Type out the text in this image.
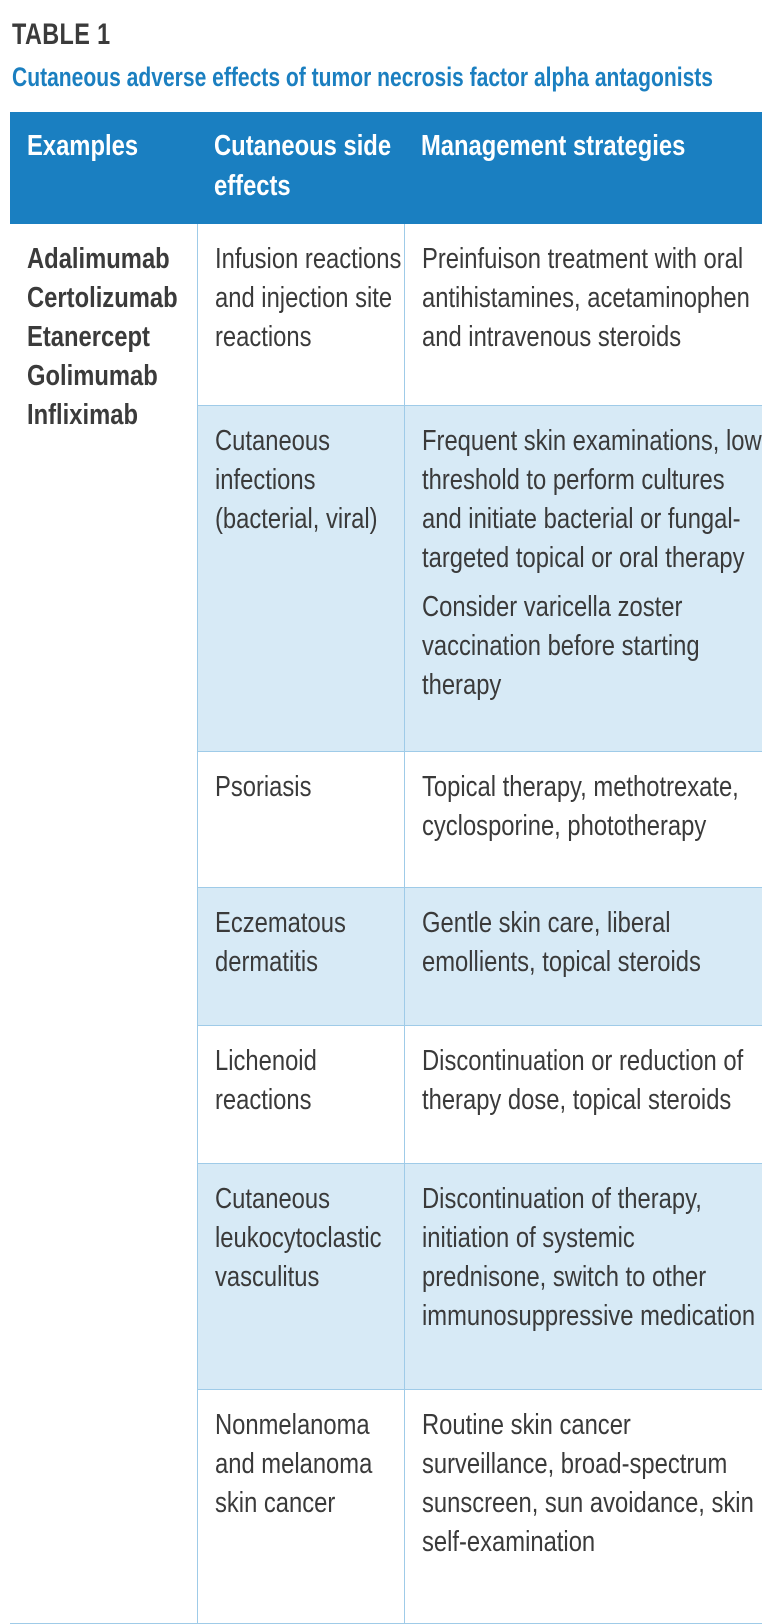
TABLE 1
Cutaneous adverse effects of tumor necrosis factor alpha antagonists
Examples	Cutaneous side effects	Management strategies

Adalimumab
Certolizumab
Etanercept
Golimumab
Infliximab	Infusion reactions and injection site reactions	Preinfuison treatment with oral antihistamines, acetaminophen and intravenous steroids

	Cutaneous infections (bacterial, viral)	Frequent skin examinations, low threshold to perform cultures and initiate bacterial or fungal-targeted topical or oral therapy
Consider varicella zoster vaccination before starting therapy

	Psoriasis	Topical therapy, methotrexate, cyclosporine, phototherapy

	Eczematous dermatitis	Gentle skin care, liberal emollients, topical steroids

	Lichenoid reactions	Discontinuation or reduction of therapy dose, topical steroids

	Cutaneous leukocytoclastic vasculitus	Discontinuation of therapy, initiation of systemic prednisone, switch to other immunosuppressive medication

	Nonmelanoma and melanoma skin cancer	Routine skin cancer surveillance, broad-spectrum sunscreen, sun avoidance, skin self-examination
